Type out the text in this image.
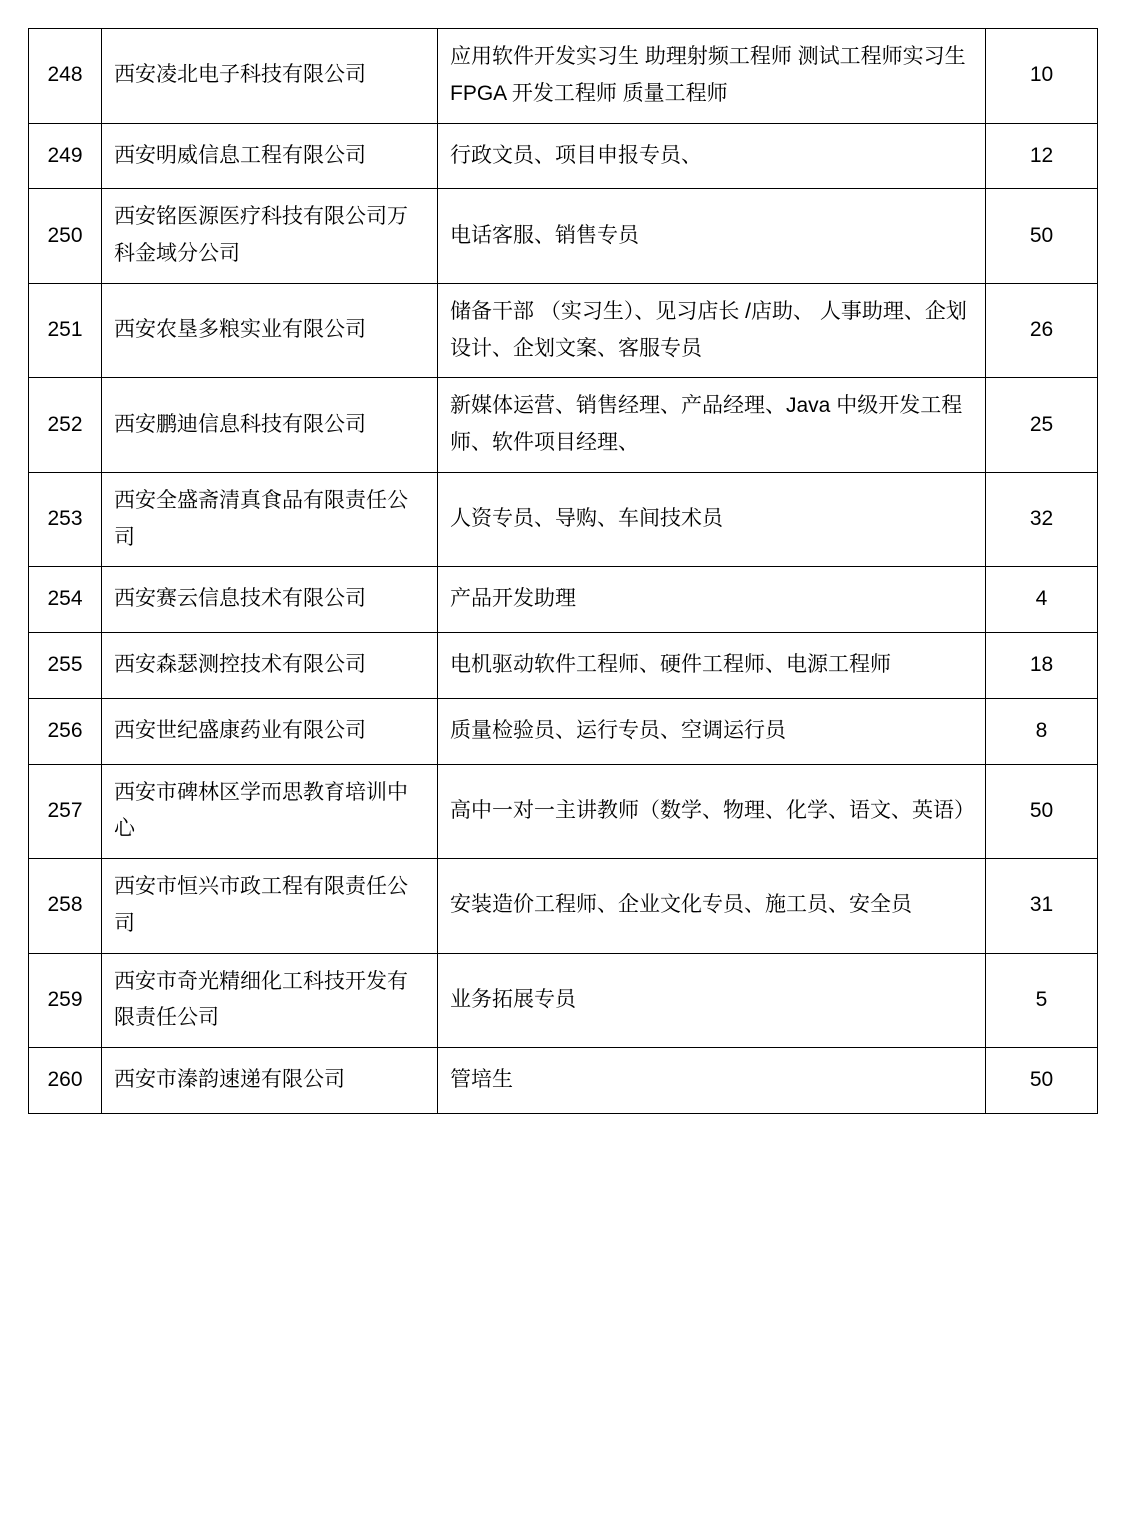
248	西安凌北电子科技有限公司	应用软件开发实习生 助理射频工程师 测试工程师实习生 FPGA 开发工程师 质量工程师	10
249	西安明威信息工程有限公司	行政文员、项目申报专员、	12
250	西安铭医源医疗科技有限公司万科金域分公司	电话客服、销售专员	50
251	西安农垦多粮实业有限公司	储备干部 （实习生）、见习店长 /店助、 人事助理、企划设计、企划文案、客服专员	26
252	西安鹏迪信息科技有限公司	新媒体运营、销售经理、产品经理、Java 中级开发工程师、软件项目经理、	25
253	西安全盛斋清真食品有限责任公司	人资专员、导购、车间技术员	32
254	西安赛云信息技术有限公司	产品开发助理	4
255	西安森瑟测控技术有限公司	电机驱动软件工程师、硬件工程师、电源工程师	18
256	西安世纪盛康药业有限公司	质量检验员、运行专员、空调运行员	8
257	西安市碑林区学而思教育培训中心	高中一对一主讲教师（数学、物理、化学、语文、英语）	50
258	西安市恒兴市政工程有限责任公司	安装造价工程师、企业文化专员、施工员、安全员	31
259	西安市奇光精细化工科技开发有限责任公司	业务拓展专员	5
260	西安市溱韵速递有限公司	管培生	50
